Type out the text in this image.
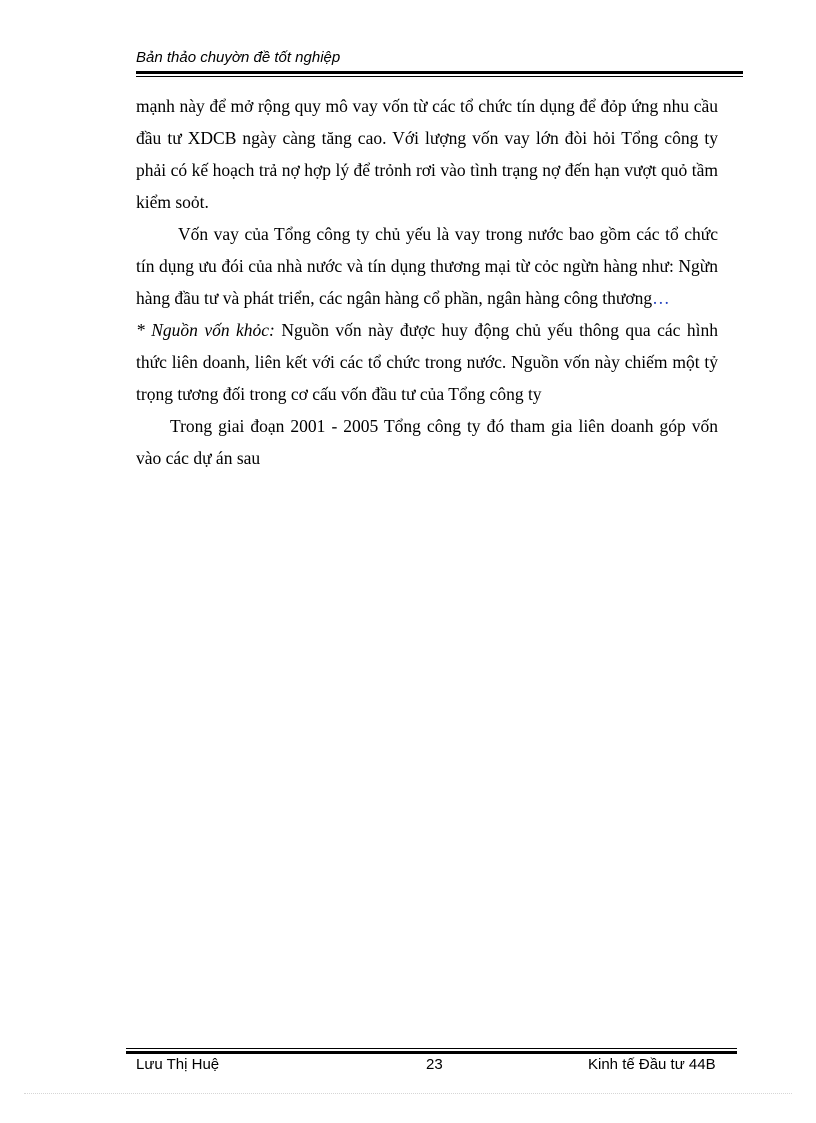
Bản thảo chuyờn đề tốt nghiệp

mạnh này để mở rộng quy mô vay vốn từ các tổ chức tín dụng để đỏp ứng nhu cầu đầu tư XDCB ngày càng tăng cao. Với lượng vốn vay lớn đòi hỏi Tổng công ty phải có kế hoạch trả nợ hợp lý để trỏnh rơi vào tình trạng nợ đến hạn vượt quỏ tầm kiểm soỏt.

Vốn vay của Tổng công ty chủ yếu là vay trong nước bao gồm các tổ chức tín dụng ưu đói của nhà nước và tín dụng thương mại từ cỏc ngừn hàng như: Ngừn hàng đầu tư và phát triển, các ngân hàng cổ phần, ngân hàng công thương…

* Nguồn vốn khỏc: Nguồn vốn này được huy động chủ yếu thông qua các hình thức liên doanh, liên kết với các tổ chức trong nước. Nguồn vốn này chiếm một tỷ trọng tương đối trong cơ cấu vốn đầu tư của Tổng công ty

Trong giai đoạn 2001 - 2005 Tổng công ty đó tham gia liên doanh góp vốn vào các dự án sau

Lưu Thị Huệ	23	Kinh tế Đầu tư 44B
